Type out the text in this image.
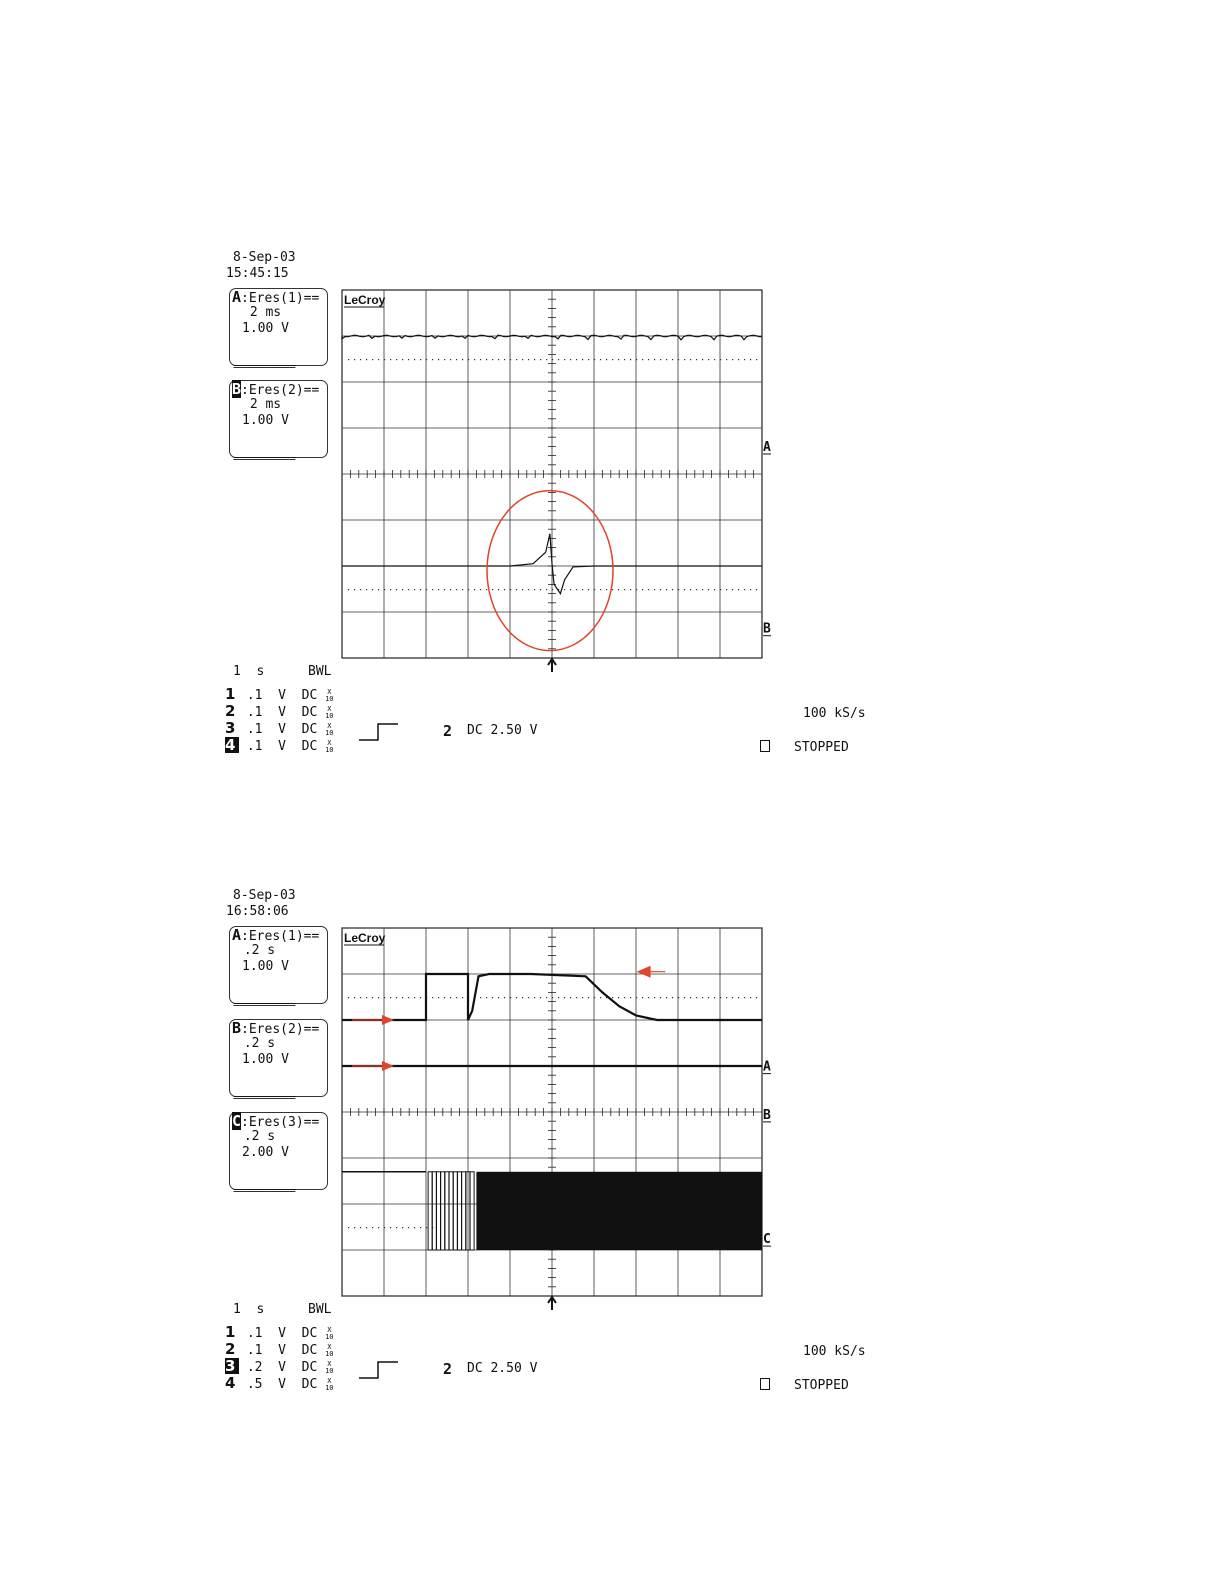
8-Sep-03
15:45:15
A:Eres(1)==
2 ms
1.00 V
===========
B:Eres(2)==
2 ms
1.00 V
===========
LeCroy
A
B
1  s	BWL
1 .1  V  DC X
10
2 .1  V  DC X
10
3 .1  V  DC X
10
4 .1  V  DC X
10
2 DC 2.50 V
100 kS/s
STOPPED
8-Sep-03
16:58:06
A:Eres(1)==
.2 s
1.00 V
===========
B:Eres(2)==
.2 s
1.00 V
===========
C:Eres(3)==
.2 s
2.00 V
===========
LeCroy
A
B
C
1  s	BWL
1 .1  V  DC X
10
2 .1  V  DC X
10
3 .2  V  DC X
10
4 .5  V  DC X
10
2 DC 2.50 V
100 kS/s
STOPPED
